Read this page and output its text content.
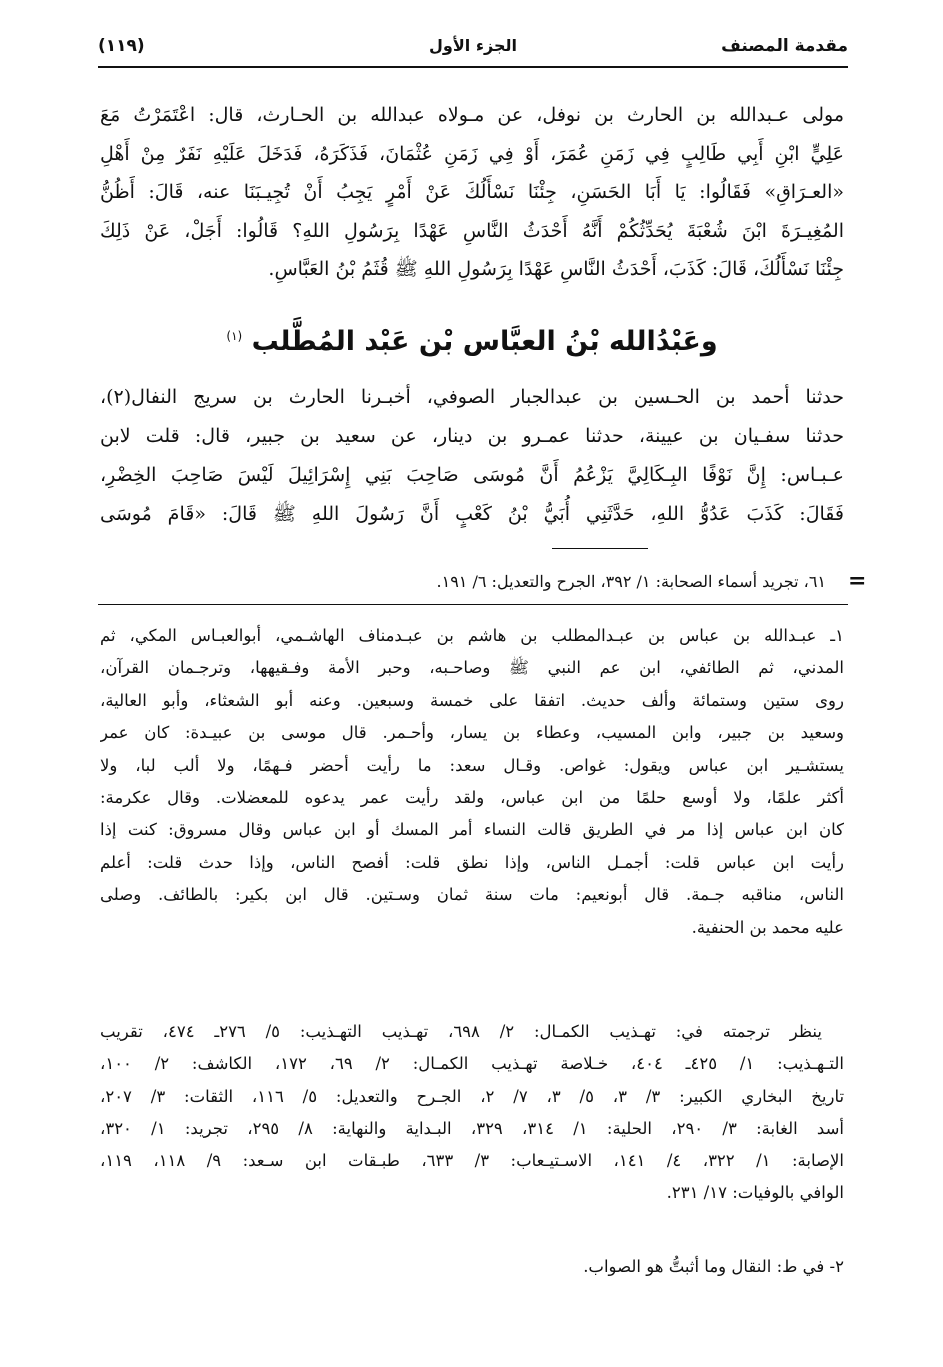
مقدمة المصنف
الجزء الأول
(١١٩)
مولى عـبدالله بن الحارث بن نوفل، عن مـولاه عبدالله بن الحـارث، قال: اعْتَمَرْتُ مَعَ
عَلِيٍّ ابْنِ أَبِي طَالِبٍ فِي زَمَنِ عُمَرَ، أَوْ فِي زَمَنِ عُثْمَانَ، فَذَكَرَهُ، فَدَخَلَ عَلَيْهِ نَفَرٌ مِنْ أَهْلِ
«العـرَاقِ» فَقَالُوا: يَا أَبَا الحَسَنِ، جِئْنَا نَسْأَلُكَ عَنْ أَمْرٍ يَجِبُ أَنْ تُجِيـبَنَا عنه، قَالَ: أَظُنُّ
المُغِيـرَةَ ابْنَ شُعْبَةَ يُحَدِّثُكُمْ أَنَّهُ أَحْدَثُ النَّاسِ عَهْدًا بِرَسُولِ اللهِ؟ قَالُوا: أَجَلْ، عَنْ ذَلِكَ
جِئْنَا نَسْأَلُكَ، قَالَ: كَذَبَ، أَحْدَثُ النَّاسِ عَهْدًا بِرَسُولِ اللهِ ﷺ قُثَمُ بْنُ العَبَّاسِ.
وعَبْدُالله بْنُ العبَّاس بْن عَبْد المُطَّلب $^{(١)}$
حدثنا أحمد بن الحـسين بن عبدالجبار الصوفي، أخبـرنا الحارث بن سريج النفال(٢)،
حدثنا سفـيان بن عيينة، حدثنا عمـرو بن دينار، عن سعيد بن جبير، قال: قلت لابن
عـبـاس: إِنَّ نَوْفًا البِـكَالِيَّ يَزْعُمُ أَنَّ مُوسَى صَاحِبَ بَنِي إِسْرَائِيلَ لَيْسَ صَاحِبَ الخِضْرِ،
فَقَالَ: كَذَبَ عَدُوُّ اللهِ، حَدَّثَنِي أُبَيُّ بْنُ كَعْبٍ أَنَّ رَسُولَ اللهِ ﷺ قَالَ: «قَامَ مُوسَى
=
٦١، تجريد أسماء الصحابة: ١/ ٣٩٢، الجرح والتعديل: ٦/ ١٩١.
١ـ عبـدالله بن عباس بن عبـدالمطلب بن هاشم بن عبـدمناف الهاشـمي، أبوالعبـاس المكي، ثم
المدني، ثم الطائفي، ابن عم النبي ﷺ وصاحـبه، وحبر الأمة وفـقيهها، وترجـمان القرآن،
روى ستين وستمائة وألف حديث. اتفقا على خمسة وسبعين. وعنه أبو الشعثاء، وأبو العالية،
وسعيد بن جبير، وابن المسيب، وعطاء بن يسار، وأحـمر. قال موسى بن عبيـدة: كان عمر
يستشـير ابن عباس ويقول: غواص. وقـال سعد: ما رأيت أحضر فـهمًا، ولا ألب لبا، ولا
أكثر علمًا، ولا أوسع حلمًا من ابن عباس، ولقد رأيت عمر يدعوه للمعضلات. وقال عكرمة:
كان ابن عباس إذا مر في الطريق قالت النساء أمر المسك أو ابن عباس وقال مسروق: كنت إذا
رأيت ابن عباس قلت: أجمـل الناس، وإذا نطق قلت: أفصح الناس، وإذا حدث قلت: أعلم
الناس، مناقبه جـمة. قال أبونعيم: مات سنة ثمان وسـتين. قال ابن بكير: بالطائف. وصلى
عليه محمد بن الحنفية.
ينظر ترجمته في: تهـذيب الكمـال: ٢/ ٦٩٨، تهـذيب التهـذيب: ٥/ ٢٧٦ـ ٤٧٤، تقريب
التـهـذيب: ١/ ٤٢٥ـ ٤٠٤، خـلاصة تهـذيب الكمـال: ٢/ ٦٩، ١٧٢، الكاشف: ٢/ ١٠٠،
تاريخ البخاري الكبير: ٣/ ٣، ٥/ ٣، ٧/ ٢، الجـرح والتعديل: ٥/ ١١٦، الثقات: ٣/ ٢٠٧،
أسد الغابة: ٣/ ٢٩٠، الحلية: ١/ ٣١٤، ٣٢٩، البـداية والنهاية: ٨/ ٢٩٥، تجريد: ١/ ٣٢٠،
الإصابة: ١/ ٣٢٢، ٤/ ١٤١، الاسـتيـعاب: ٣/ ٦٣٣، طبـقات ابن سـعد: ٩/ ١١٨، ١١٩،
الوافي بالوفيات: ١٧/ ٢٣١.
٢- في ط: النقال وما أثبتُّ هو الصواب.
